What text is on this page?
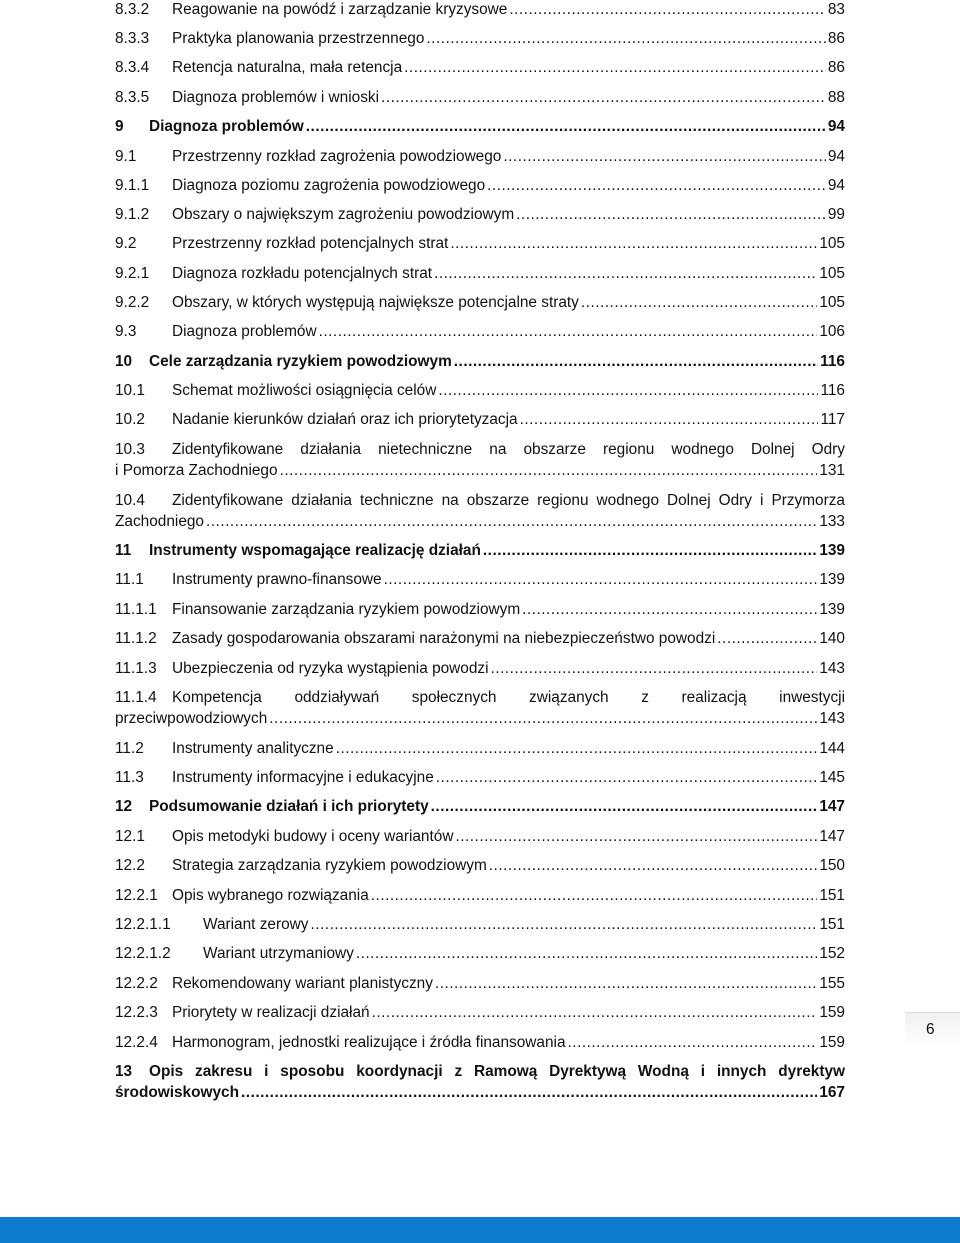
8.3.2	Reagowanie na powódź i zarządzanie kryzysowe .....	83
8.3.3	Praktyka planowania przestrzennego .....	86
8.3.4	Retencja naturalna, mała retencja .....	86
8.3.5	Diagnoza problemów i wnioski .....	88
9	Diagnoza problemów .....	94
9.1	Przestrzenny rozkład zagrożenia powodziowego .....	94
9.1.1	Diagnoza poziomu zagrożenia powodziowego .....	94
9.1.2	Obszary o największym zagrożeniu powodziowym .....	99
9.2	Przestrzenny rozkład potencjalnych strat .....	105
9.2.1	Diagnoza rozkładu potencjalnych strat .....	105
9.2.2	Obszary, w których występują największe potencjalne straty .....	105
9.3	Diagnoza problemów .....	106
10	Cele zarządzania ryzykiem powodziowym .....	116
10.1	Schemat możliwości osiągnięcia celów .....	116
10.2	Nadanie kierunków działań oraz ich priorytetyzacja .....	117
10.3	Zidentyfikowane działania nietechniczne na obszarze regionu wodnego Dolnej Odry
i Pomorza Zachodniego .....	131
10.4	Zidentyfikowane działania techniczne na obszarze regionu wodnego Dolnej Odry i Przymorza
Zachodniego .....	133
11	Instrumenty wspomagające realizację działań .....	139
11.1	Instrumenty prawno-finansowe .....	139
11.1.1 Finansowanie zarządzania ryzykiem powodziowym .....	139
11.1.2 Zasady gospodarowania obszarami narażonymi na niebezpieczeństwo powodzi .....	140
11.1.3 Ubezpieczenia od ryzyka wystąpienia powodzi .....	143
11.1.4 Kompetencja oddziaływań społecznych związanych z realizacją inwestycji
przeciwpowodziowych .....	143
11.2	Instrumenty analityczne .....	144
11.3	Instrumenty informacyjne i edukacyjne .....	145
12	Podsumowanie działań i ich priorytety .....	147
12.1	Opis metodyki budowy i oceny wariantów .....	147
12.2	Strategia zarządzania ryzykiem powodziowym .....	150
12.2.1 Opis wybranego rozwiązania .....	151
12.2.1.1	Wariant zerowy .....	151
12.2.1.2	Wariant utrzymaniowy .....	152
12.2.2 Rekomendowany wariant planistyczny .....	155
12.2.3 Priorytety w realizacji działań .....	159
12.2.4 Harmonogram, jednostki realizujące i źródła finansowania .....	159
13	Opis zakresu i sposobu koordynacji z Ramową Dyrektywą Wodną i innych dyrektyw
środowiskowych .....	167
6
